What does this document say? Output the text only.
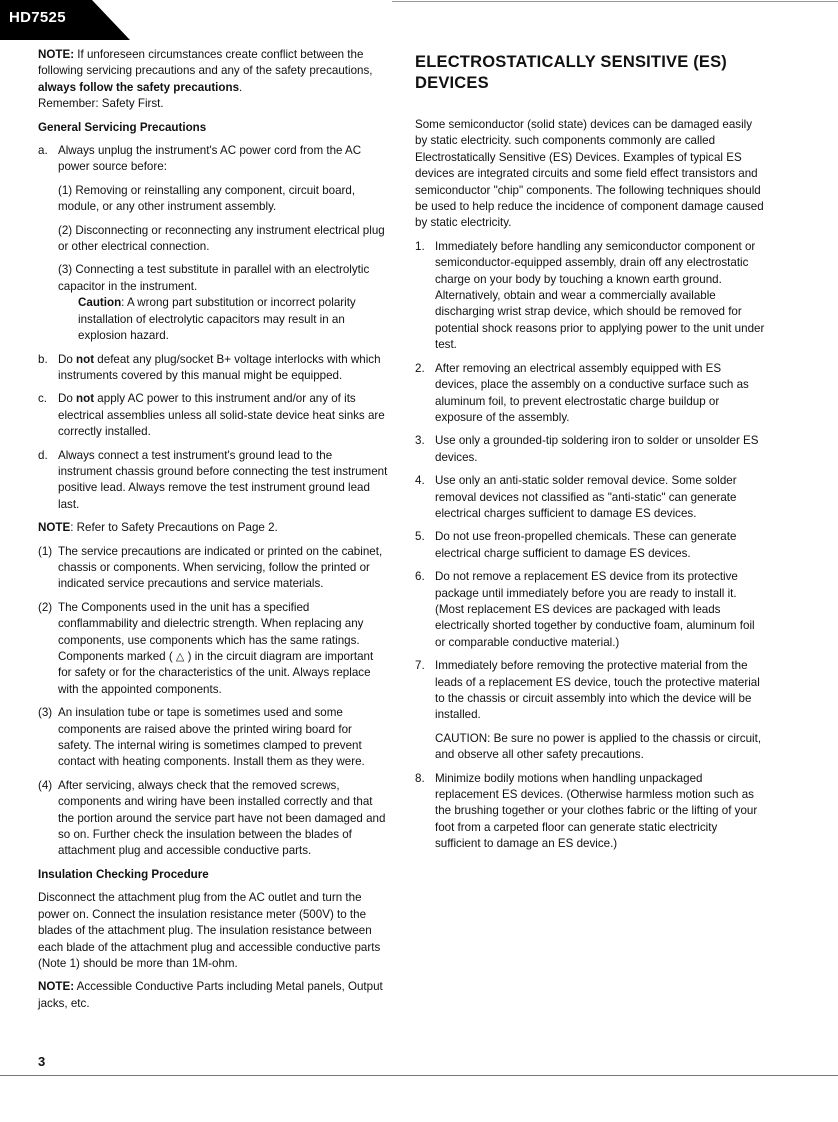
HD7525

NOTE: If unforeseen circumstances create conflict between the following servicing precautions and any of the safety precautions, always follow the safety precautions.
Remember: Safety First.

General Servicing Precautions
a. Always unplug the instrument's AC power cord from the AC power source before:
(1) Removing or reinstalling any component, circuit board, module, or any other instrument assembly.
(2) Disconnecting or reconnecting any instrument electrical plug or other electrical connection.
(3) Connecting a test substitute in parallel with an electrolytic capacitor in the instrument.
Caution: A wrong part substitution or incorrect polarity installation of electrolytic capacitors may result in an explosion hazard.
b. Do not defeat any plug/socket B+ voltage interlocks with which instruments covered by this manual might be equipped.
c. Do not apply AC power to this instrument and/or any of its electrical assemblies unless all solid-state device heat sinks are correctly installed.
d. Always connect a test instrument's ground lead to the instrument chassis ground before connecting the test instrument positive lead. Always remove the test instrument ground lead last.

NOTE: Refer to Safety Precautions on Page 2.

(1) The service precautions are indicated or printed on the cabinet, chassis or components. When servicing, follow the printed or indicated service precautions and service materials.
(2) The Components used in the unit has a specified conflammability and dielectric strength. When replacing any components, use components which has the same ratings. Components marked ( △ ) in the circuit diagram are important for safety or for the characteristics of the unit. Always replace with the appointed components.
(3) An insulation tube or tape is sometimes used and some components are raised above the printed wiring board for safety. The internal wiring is sometimes clamped to prevent contact with heating components. Install them as they were.
(4) After servicing, always check that the removed screws, components and wiring have been installed correctly and that the portion around the service part have not been damaged and so on. Further check the insulation between the blades of attachment plug and accessible conductive parts.
Insulation Checking Procedure

Disconnect the attachment plug from the AC outlet and turn the power on. Connect the insulation resistance meter (500V) to the blades of the attachment plug. The insulation resistance between each blade of the attachment plug and accessible conductive parts (Note 1) should be more than 1M-ohm.

NOTE: Accessible Conductive Parts including Metal panels, Output jacks, etc.

ELECTROSTATICALLY SENSITIVE (ES) DEVICES

Some semiconductor (solid state) devices can be damaged easily by static electricity. such components commonly are called Electrostatically Sensitive (ES) Devices. Examples of typical ES devices are integrated circuits and some field effect transistors and semiconductor "chip" components. The following techniques should be used to help reduce the incidence of component damage caused by static electricity.

1. Immediately before handling any semiconductor component or semiconductor-equipped assembly, drain off any electrostatic charge on your body by touching a known earth ground. Alternatively, obtain and wear a commercially available discharging wrist strap device, which should be removed for potential shock reasons prior to applying power to the unit under test.
2. After removing an electrical assembly equipped with ES devices, place the assembly on a conductive surface such as aluminum foil, to prevent electrostatic charge buildup or exposure of the assembly.
3. Use only a grounded-tip soldering iron to solder or unsolder ES devices.
4. Use only an anti-static solder removal device. Some solder removal devices not classified as "anti-static" can generate electrical charges sufficient to damage ES devices.
5. Do not use freon-propelled chemicals. These can generate electrical charge sufficient to damage ES devices.
6. Do not remove a replacement ES device from its protective package until immediately before you are ready to install it. (Most replacement ES devices are packaged with leads electrically shorted together by conductive foam, aluminum foil or comparable conductive material.)
7. Immediately before removing the protective material from the leads of a replacement ES device, touch the protective material to the chassis or circuit assembly into which the device will be installed.
CAUTION: Be sure no power is applied to the chassis or circuit, and observe all other safety precautions.
8. Minimize bodily motions when handling unpackaged replacement ES devices. (Otherwise harmless motion such as the brushing together or your clothes fabric or the lifting of your foot from a carpeted floor can generate static electricity sufficient to damage an ES device.)
3
